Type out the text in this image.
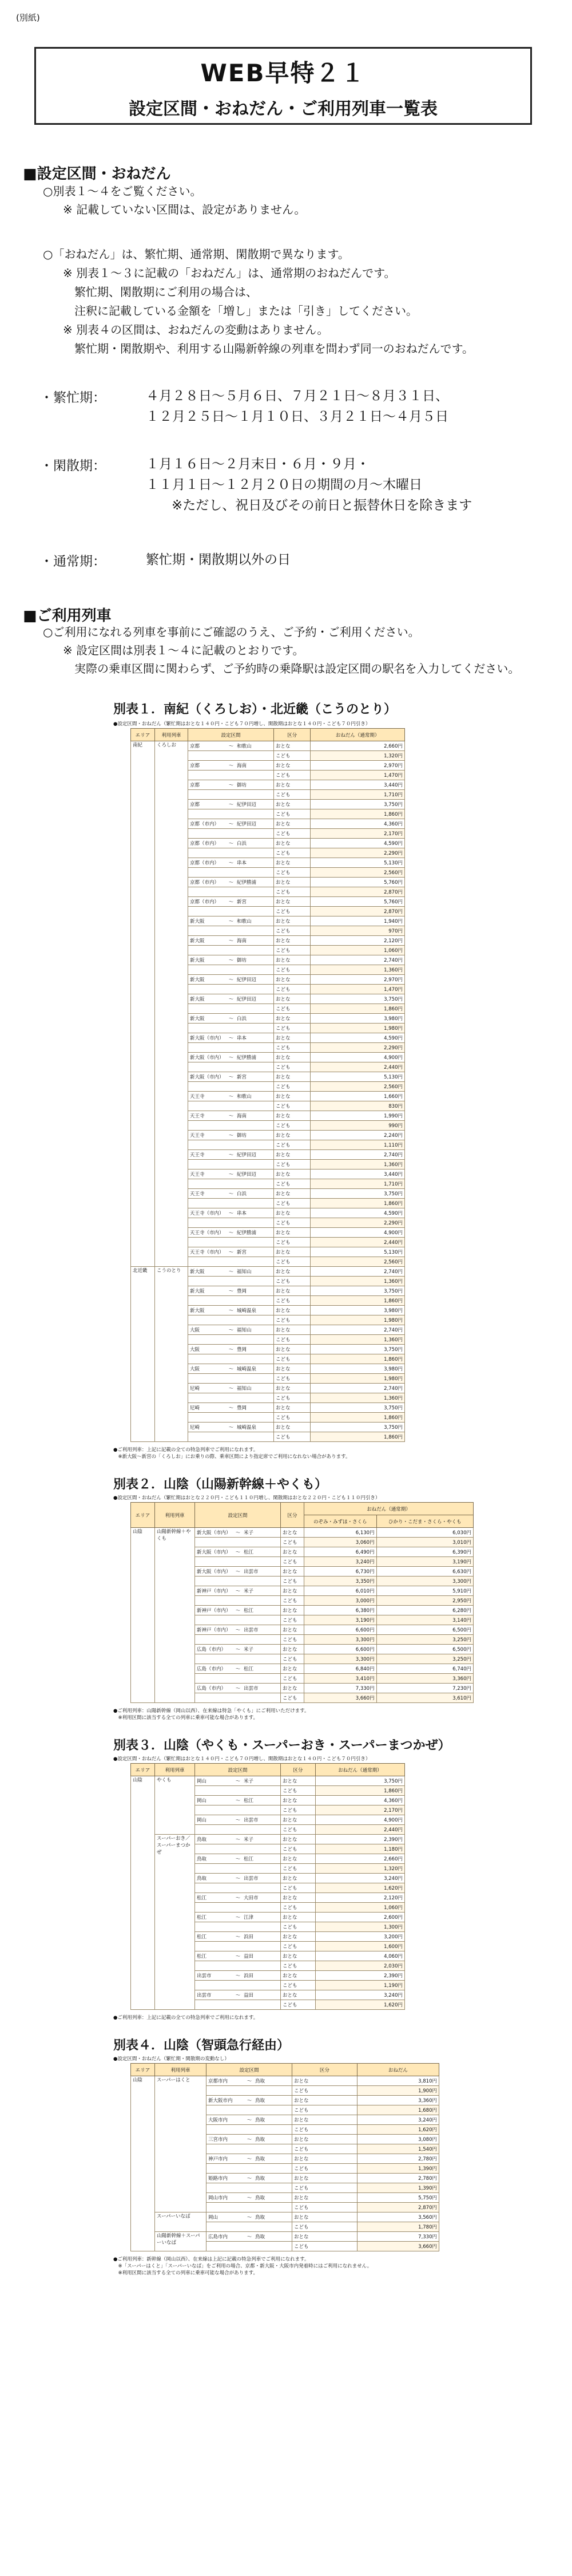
(別紙)
WEB早特２１
設定区間・おねだん・ご利用列車一覧表
■設定区間・おねだん
○別表１～４をご覧ください。
※ 記載していない区間は、設定がありません。
○「おねだん」は、繁忙期、通常期、閑散期で異なります。
※ 別表１～３に記載の「おねだん」は、通常期のおねだんです。
繁忙期、閑散期にご利用の場合は、
注釈に記載している金額を「増し」または「引き」してください。
※ 別表４の区間は、おねだんの変動はありません。
繁忙期・閑散期や、利用する山陽新幹線の列車を問わず同一のおねだんです。
・繁忙期：	４月２８日～５月６日、７月２１日～８月３１日、
１２月２５日～１月１０日、３月２１日～４月５日
・閑散期：	１月１６日～２月末日・６月・９月・
１１月１日～１２月２０日の期間の月～木曜日
※ただし、祝日及びその前日と振替休日を除きます
・通常期：	繁忙期・閑散期以外の日
■ご利用列車
○ご利用になれる列車を事前にご確認のうえ、ご予約・ご利用ください。
※ 設定区間は別表１～４に記載のとおりです。
実際の乗車区間に関わらず、ご予約時の乗降駅は設定区間の駅名を入力してください。
別表１．南紀（くろしお）・北近畿（こうのとり）
●設定区間・おねだん（繁忙期はおとな１４０円・こども７０円増し、閑散期はおとな１４０円・こども７０円引き）
エリア	利用列車	設定区間	区分	おねだん（通常期）
南紀	くろしお	京都 ～ 和歌山	おとな	2,660円
			こども	1,320円
		京都 ～ 海南	おとな	2,970円
			こども	1,470円
		京都 ～ 御坊	おとな	3,440円
			こども	1,710円
		京都 ～ 紀伊田辺	おとな	3,750円
			こども	1,860円
		京都（市内） ～ 紀伊田辺	おとな	4,360円
			こども	2,170円
		京都（市内） ～ 白浜	おとな	4,590円
			こども	2,290円
		京都（市内） ～ 串本	おとな	5,130円
			こども	2,560円
		京都（市内） ～ 紀伊勝浦	おとな	5,760円
			こども	2,870円
		京都（市内） ～ 新宮	おとな	5,760円
			こども	2,870円
		新大阪 ～ 和歌山	おとな	1,940円
			こども	970円
		新大阪 ～ 海南	おとな	2,120円
			こども	1,060円
		新大阪 ～ 御坊	おとな	2,740円
			こども	1,360円
		新大阪 ～ 紀伊田辺	おとな	2,970円
			こども	1,470円
		新大阪 ～ 紀伊田辺	おとな	3,750円
			こども	1,860円
		新大阪 ～ 白浜	おとな	3,980円
			こども	1,980円
		新大阪（市内） ～ 串本	おとな	4,590円
			こども	2,290円
		新大阪（市内） ～ 紀伊勝浦	おとな	4,900円
			こども	2,440円
		新大阪（市内） ～ 新宮	おとな	5,130円
			こども	2,560円
		天王寺 ～ 和歌山	おとな	1,660円
			こども	830円
		天王寺 ～ 海南	おとな	1,990円
			こども	990円
		天王寺 ～ 御坊	おとな	2,240円
			こども	1,110円
		天王寺 ～ 紀伊田辺	おとな	2,740円
			こども	1,360円
		天王寺 ～ 紀伊田辺	おとな	3,440円
			こども	1,710円
		天王寺 ～ 白浜	おとな	3,750円
			こども	1,860円
		天王寺（市内） ～ 串本	おとな	4,590円
			こども	2,290円
		天王寺（市内） ～ 紀伊勝浦	おとな	4,900円
			こども	2,440円
		天王寺（市内） ～ 新宮	おとな	5,130円
			こども	2,560円
北近畿	こうのとり	新大阪 ～ 福知山	おとな	2,740円
			こども	1,360円
		新大阪 ～ 豊岡	おとな	3,750円
			こども	1,860円
		新大阪 ～ 城崎温泉	おとな	3,980円
			こども	1,980円
		大阪 ～ 福知山	おとな	2,740円
			こども	1,360円
		大阪 ～ 豊岡	おとな	3,750円
			こども	1,860円
		大阪 ～ 城崎温泉	おとな	3,980円
			こども	1,980円
		尼崎 ～ 福知山	おとな	2,740円
			こども	1,360円
		尼崎 ～ 豊岡	おとな	3,750円
			こども	1,860円
		尼崎 ～ 城崎温泉	おとな	3,750円
			こども	1,860円
●ご利用列車：上記に記載の全ての特急列車でご利用になれます。
　※新大阪〜新宮の「くろしお」にお乗りの際、乗車区間により指定席でご利用になれない場合があります。
別表２．山陰（山陽新幹線＋やくも）
●設定区間・おねだん（繁忙期はおとな２２０円・こども１１０円増し、閑散期はおとな２２０円・こども１１０円引き）
エリア	利用列車	設定区間	区分	おねだん（通常期）	
				のぞみ・みずほ・さくら	ひかり・こだま・さくら・やくも
山陰	山陽新幹線＋やくも	新大阪（市内） ～ 米子	おとな	6,130円	6,030円
			こども	3,060円	3,010円
		新大阪（市内） ～ 松江	おとな	6,490円	6,390円
			こども	3,240円	3,190円
		新大阪（市内） ～ 出雲市	おとな	6,730円	6,630円
			こども	3,350円	3,300円
		新神戸（市内） ～ 米子	おとな	6,010円	5,910円
			こども	3,000円	2,950円
		新神戸（市内） ～ 松江	おとな	6,380円	6,280円
			こども	3,190円	3,140円
		新神戸（市内） ～ 出雲市	おとな	6,600円	6,500円
			こども	3,300円	3,250円
		広島（市内） ～ 米子	おとな	6,600円	6,500円
			こども	3,300円	3,250円
		広島（市内） ～ 松江	おとな	6,840円	6,740円
			こども	3,410円	3,360円
		広島（市内） ～ 出雲市	おとな	7,330円	7,230円
			こども	3,660円	3,610円
●ご利用列車：山陽新幹線（岡山以西）、在来線は特急「やくも」にご利用いただけます。
　※利用区間に該当する全ての列車に乗車可能な場合があります。
別表３．山陰（やくも・スーパーおき・スーパーまつかぜ）
●設定区間・おねだん（繁忙期はおとな１４０円・こども７０円増し、閑散期はおとな１４０円・こども７０円引き）
エリア	利用列車	設定区間	区分	おねだん（通常期）
山陰	やくも	岡山 ～ 米子	おとな	3,750円
			こども	1,860円
		岡山 ～ 松江	おとな	4,360円
			こども	2,170円
		岡山 ～ 出雲市	おとな	4,900円
			こども	2,440円
	スーパーおき／スーパーまつかぜ	鳥取 ～ 米子	おとな	2,390円
			こども	1,180円
		鳥取 ～ 松江	おとな	2,660円
			こども	1,320円
		鳥取 ～ 出雲市	おとな	3,240円
			こども	1,620円
		松江 ～ 大田市	おとな	2,120円
			こども	1,060円
		松江 ～ 江津	おとな	2,600円
			こども	1,300円
		松江 ～ 浜田	おとな	3,200円
			こども	1,600円
		松江 ～ 益田	おとな	4,060円
			こども	2,030円
		出雲市 ～ 浜田	おとな	2,390円
			こども	1,190円
		出雲市 ～ 益田	おとな	3,240円
			こども	1,620円
●ご利用列車：上記に記載の全ての特急列車でご利用になれます。
別表４．山陰（智頭急行経由）
●設定区間・おねだん（繁忙期・閑散期の変動なし）
エリア	利用列車	設定区間	区分	おねだん
山陰	スーパーはくと	京都市内 ～ 鳥取	おとな	3,810円
			こども	1,900円
		新大阪市内 ～ 鳥取	おとな	3,360円
			こども	1,680円
		大阪市内 ～ 鳥取	おとな	3,240円
			こども	1,620円
		三宮市内 ～ 鳥取	おとな	3,080円
			こども	1,540円
		神戸市内 ～ 鳥取	おとな	2,780円
			こども	1,390円
		姫路市内 ～ 鳥取	おとな	2,780円
			こども	1,390円
		岡山市内 ～ 鳥取	おとな	5,750円
			こども	2,870円
	スーパーいなば	岡山 ～ 鳥取	おとな	3,560円
			こども	1,780円
	山陽新幹線＋スーパーいなば	広島市内 ～ 鳥取	おとな	7,330円
			こども	3,660円
●ご利用列車：新幹線（岡山以西）、在来線は上記に記載の特急列車でご利用になれます。
　※「スーパーはくと」「スーパーいなば」をご利用の場合、京都・新大阪・大阪市内発着時にはご利用になれません。
　※利用区間に該当する全ての列車に乗車可能な場合があります。
